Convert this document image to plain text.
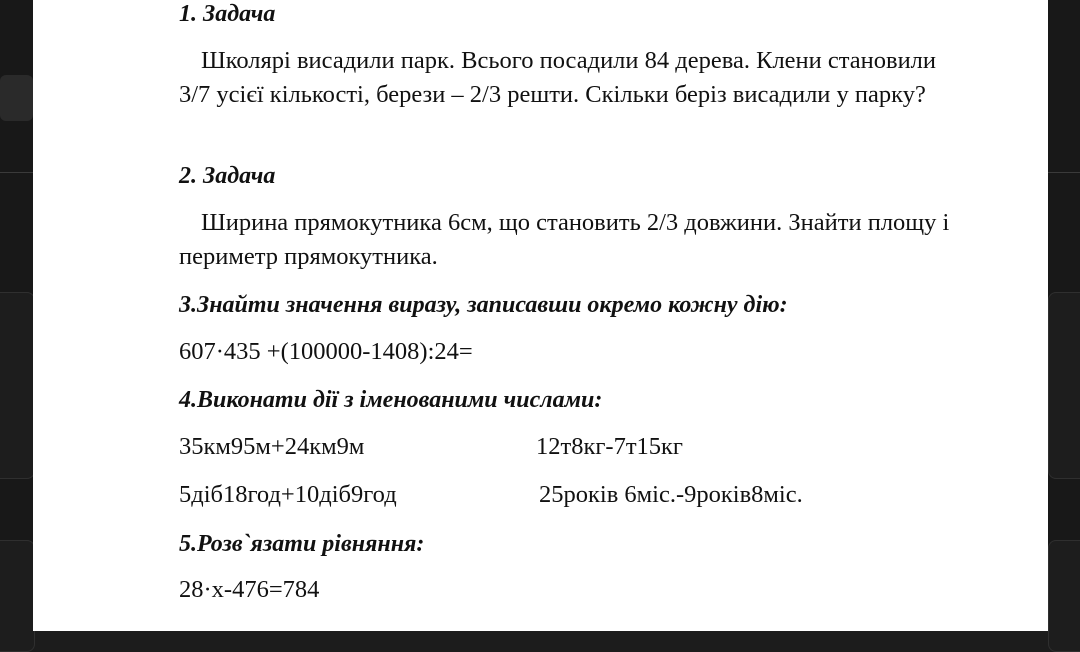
1. Задача
Школярі висадили парк. Всього посадили 84 дерева. Клени становили 3/7 усієї кількості, берези – 2/3 решти. Скільки беріз висадили у парку?
2. Задача
Ширина прямокутника 6см, що становить 2/3 довжини. Знайти площу і периметр прямокутника.
3.Знайти значення виразу, записавши окремо кожну дію:
607·435 +(100000-1408):24=
4.Виконати дії з іменованими числами:
35км95м+24км9м	12т8кг-7т15кг
5діб18год+10діб9год	25років 6міс.-9років8міс.
5.Розв`язати рівняння:
28·х-476=784
